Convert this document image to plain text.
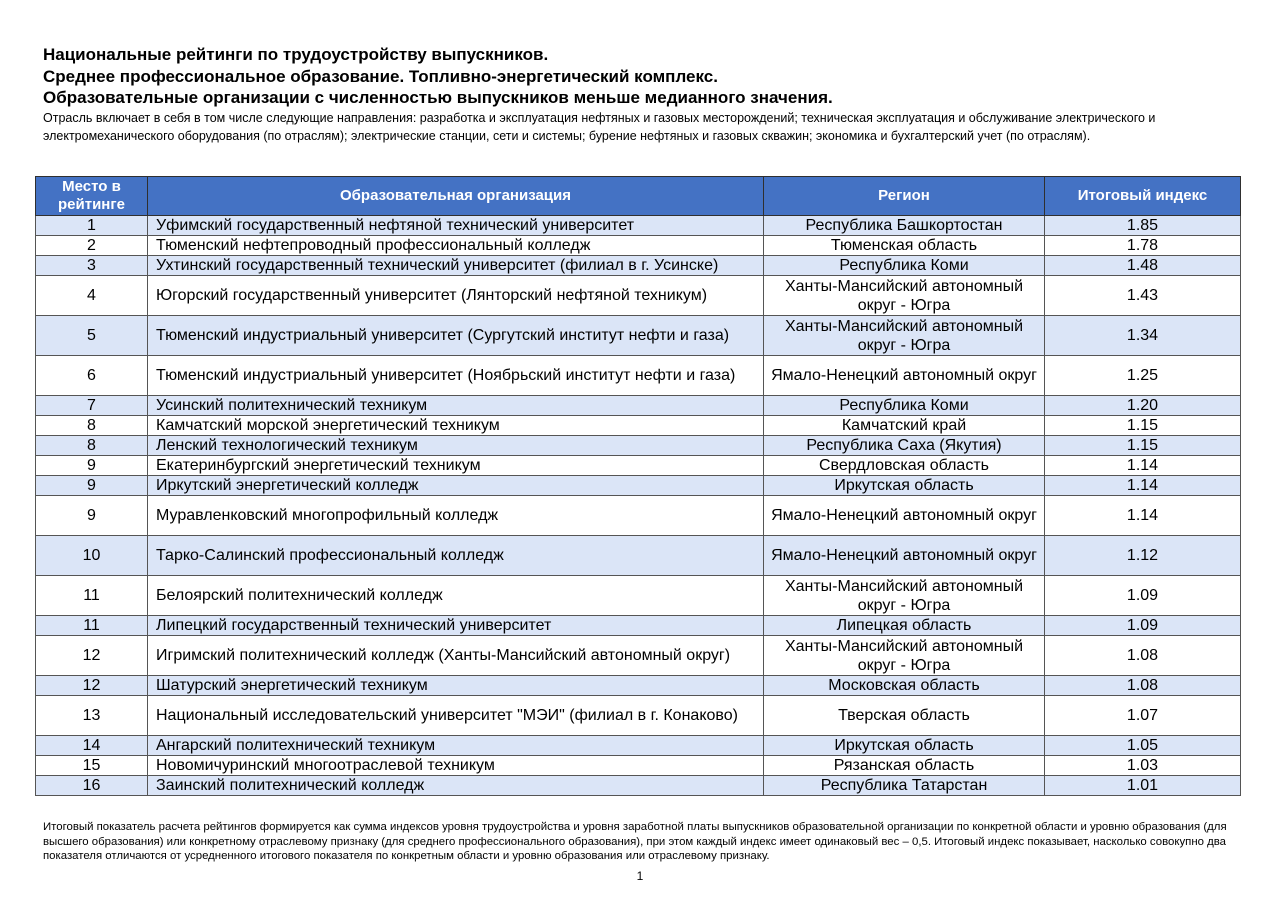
Национальные рейтинги по трудоустройству выпускников.
Среднее профессиональное образование. Топливно-энергетический комплекс.
Образовательные организации с численностью выпускников меньше медианного значения.
Отрасль включает в себя в том числе следующие направления: разработка и эксплуатация нефтяных и газовых месторождений; техническая эксплуатация и обслуживание электрического и электромеханического оборудования (по отраслям); электрические станции, сети и системы; бурение нефтяных и газовых скважин; экономика и бухгалтерский учет (по отраслям).
Место в рейтинге	Образовательная организация	Регион	Итоговый индекс
1	Уфимский государственный нефтяной технический университет	Республика Башкортостан	1.85
2	Тюменский нефтепроводный профессиональный колледж	Тюменская область	1.78
3	Ухтинский государственный технический университет (филиал в г. Усинске)	Республика Коми	1.48
4	Югорский государственный университет (Лянторский нефтяной техникум)	Ханты-Мансийский автономный округ - Югра	1.43
5	Тюменский индустриальный университет (Сургутский институт нефти и газа)	Ханты-Мансийский автономный округ - Югра	1.34
6	Тюменский индустриальный университет (Ноябрьский институт нефти и газа)	Ямало-Ненецкий автономный округ	1.25
7	Усинский политехнический техникум	Республика Коми	1.20
8	Камчатский морской энергетический техникум	Камчатский край	1.15
8	Ленский технологический техникум	Республика Саха (Якутия)	1.15
9	Екатеринбургский энергетический техникум	Свердловская область	1.14
9	Иркутский энергетический колледж	Иркутская область	1.14
9	Муравленковский многопрофильный колледж	Ямало-Ненецкий автономный округ	1.14
10	Тарко-Салинский профессиональный колледж	Ямало-Ненецкий автономный округ	1.12
11	Белоярский политехнический колледж	Ханты-Мансийский автономный округ - Югра	1.09
11	Липецкий государственный технический университет	Липецкая область	1.09
12	Игримский политехнический колледж (Ханты-Мансийский автономный округ)	Ханты-Мансийский автономный округ - Югра	1.08
12	Шатурский энергетический техникум	Московская область	1.08
13	Национальный исследовательский университет "МЭИ" (филиал в г. Конаково)	Тверская область	1.07
14	Ангарский политехнический техникум	Иркутская область	1.05
15	Новомичуринский многоотраслевой техникум	Рязанская область	1.03
16	Заинский политехнический колледж	Республика Татарстан	1.01
Итоговый показатель расчета рейтингов формируется как сумма индексов уровня трудоустройства и уровня заработной платы выпускников образовательной организации по конкретной области и уровню образования (для высшего образования) или конкретному отраслевому признаку (для среднего профессионального образования), при этом каждый индекс имеет одинаковый вес – 0,5. Итоговый индекс показывает, насколько совокупно два показателя отличаются от усредненного итогового показателя по конкретным области и уровню образования или отраслевому признаку.
1
